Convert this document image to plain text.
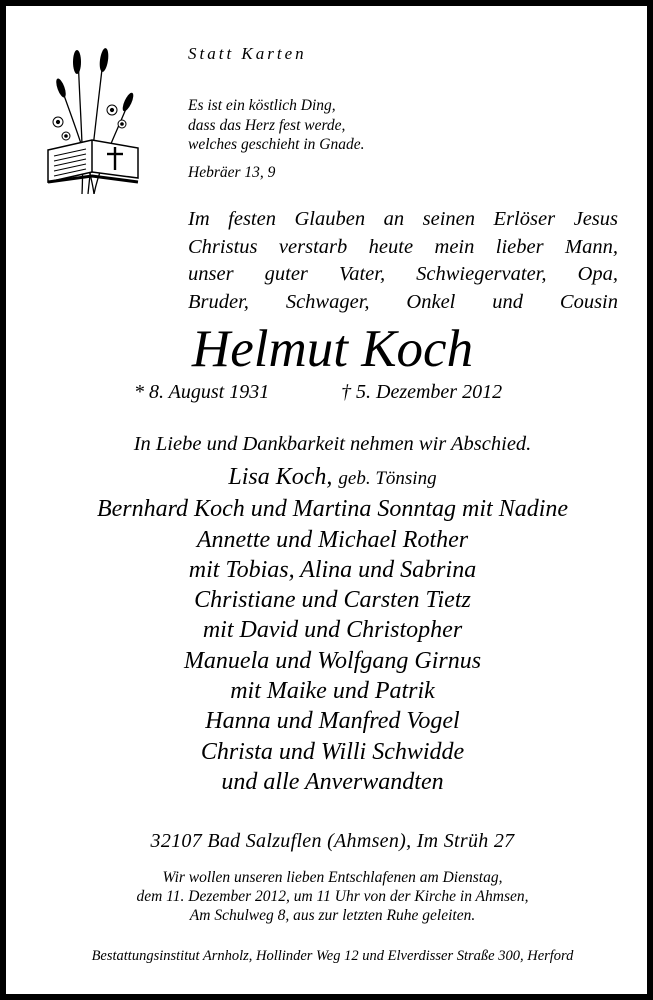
Statt Karten
Es ist ein köstlich Ding,
dass das Herz fest werde,
welches geschieht in Gnade.
Hebräer 13, 9
Im festen Glauben an seinen Erlöser Jesus
Christus verstarb heute mein lieber Mann,
unser guter Vater, Schwiegervater, Opa,
Bruder, Schwager, Onkel und Cousin
Helmut Koch
* 8. August 1931	† 5. Dezember 2012
In Liebe und Dankbarkeit nehmen wir Abschied.
Lisa Koch, geb. Tönsing
Bernhard Koch und Martina Sonntag mit Nadine
Annette und Michael Rother
mit Tobias, Alina und Sabrina
Christiane und Carsten Tietz
mit David und Christopher
Manuela und Wolfgang Girnus
mit Maike und Patrik
Hanna und Manfred Vogel
Christa und Willi Schwidde
und alle Anverwandten
32107 Bad Salzuflen (Ahmsen), Im Strüh 27
Wir wollen unseren lieben Entschlafenen am Dienstag,
dem 11. Dezember 2012, um 11 Uhr von der Kirche in Ahmsen,
Am Schulweg 8, aus zur letzten Ruhe geleiten.
Bestattungsinstitut Arnholz, Hollinder Weg 12 und Elverdisser Straße 300, Herford
